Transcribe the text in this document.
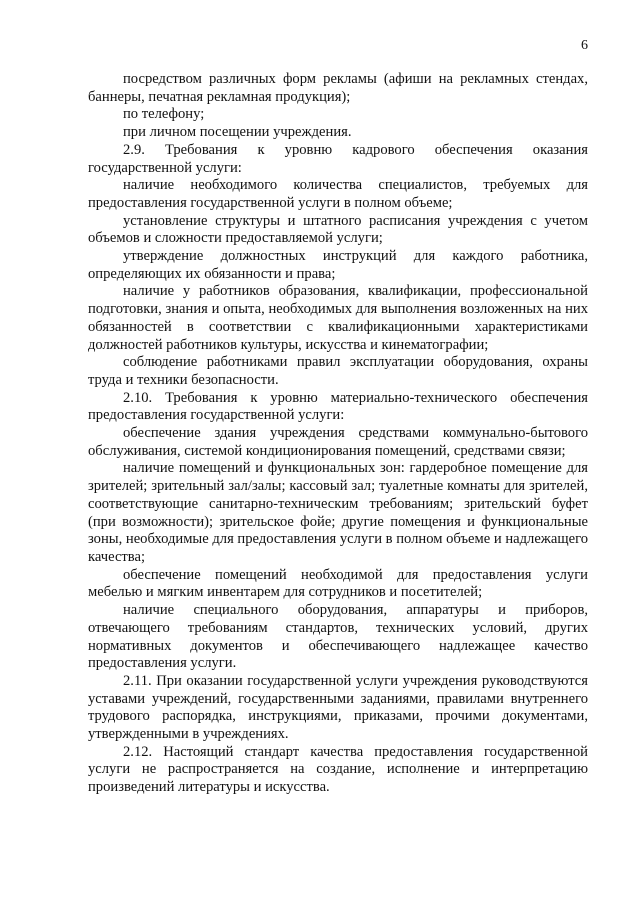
6

посредством различных форм рекламы (афиши на рекламных стендах, баннеры, печатная рекламная продукция);

по телефону;

при личном посещении учреждения.

2.9. Требования к уровню кадрового обеспечения оказания государственной услуги:

наличие необходимого количества специалистов, требуемых для предоставления государственной услуги в полном объеме;

установление структуры и штатного расписания учреждения с учетом объемов и сложности предоставляемой услуги;

утверждение должностных инструкций для каждого работника, определяющих их обязанности и права;

наличие у работников образования, квалификации, профессиональной подготовки, знания и опыта, необходимых для выполнения возложенных на них обязанностей в соответствии с квалификационными характеристиками должностей работников культуры, искусства и кинематографии;

соблюдение работниками правил эксплуатации оборудования, охраны труда и техники безопасности.

2.10. Требования к уровню материально-технического обеспечения предоставления государственной услуги:

обеспечение здания учреждения средствами коммунально-бытового обслуживания, системой кондиционирования помещений, средствами связи;

наличие помещений и функциональных зон: гардеробное помещение для зрителей; зрительный зал/залы; кассовый зал; туалетные комнаты для зрителей, соответствующие санитарно-техническим требованиям; зрительский буфет (при возможности); зрительское фойе; другие помещения и функциональные зоны, необходимые для предоставления услуги в полном объеме и надлежащего качества;

обеспечение помещений необходимой для предоставления услуги мебелью и мягким инвентарем для сотрудников и посетителей;

наличие специального оборудования, аппаратуры и приборов, отвечающего требованиям стандартов, технических условий, других нормативных документов и обеспечивающего надлежащее качество предоставления услуги.

2.11. При оказании государственной услуги учреждения руководствуются уставами учреждений, государственными заданиями, правилами внутреннего трудового распорядка, инструкциями, приказами, прочими документами, утвержденными в учреждениях.

2.12. Настоящий стандарт качества предоставления государственной услуги не распространяется на создание, исполнение и интерпретацию произведений литературы и искусства.
